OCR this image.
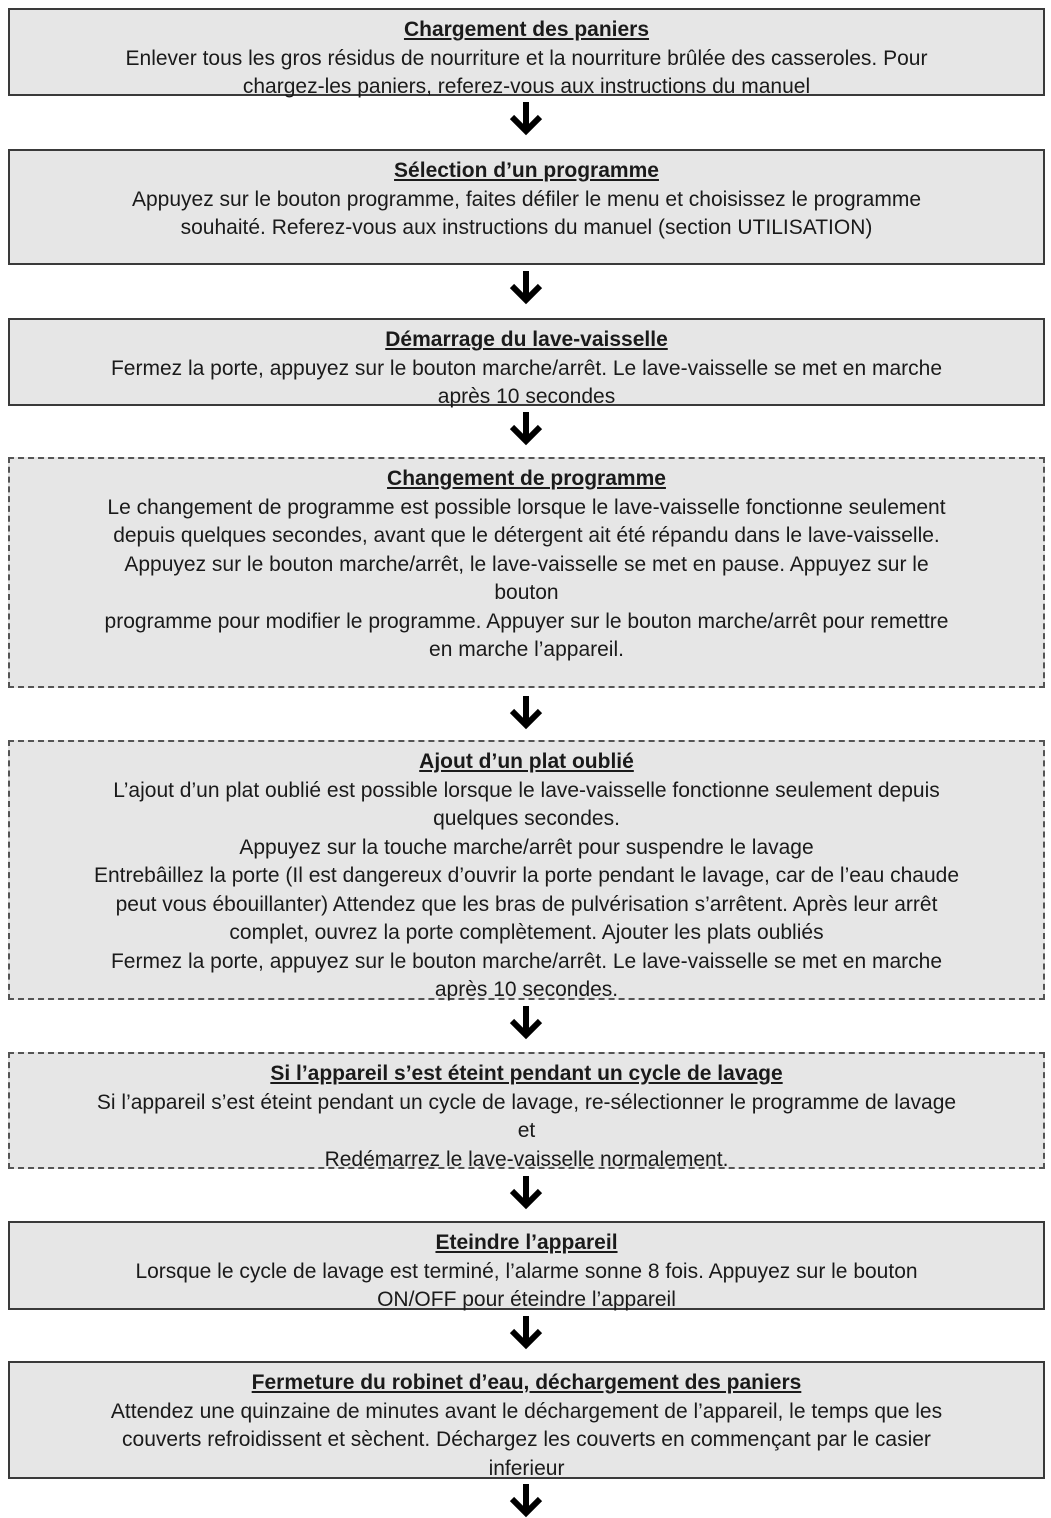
Chargement des paniers
Enlever tous les gros résidus de nourriture et la nourriture brûlée des casseroles. Pour
chargez-les paniers, referez-vous aux instructions du manuel
Sélection d’un programme
Appuyez sur le bouton programme, faites défiler le menu et choisissez le programme
souhaité. Referez-vous aux instructions du manuel (section UTILISATION)
Démarrage du lave-vaisselle
Fermez la porte, appuyez sur le bouton marche/arrêt. Le lave-vaisselle se met en marche
après 10 secondes
Changement de programme
Le changement de programme est possible lorsque le lave-vaisselle fonctionne seulement
depuis quelques secondes, avant que le détergent ait été répandu dans le lave-vaisselle.
Appuyez sur le bouton marche/arrêt, le lave-vaisselle se met en pause. Appuyez sur le
bouton
programme pour modifier le programme. Appuyer sur le bouton marche/arrêt pour remettre
en marche l’appareil.
Ajout d’un plat oublié
L’ajout d’un plat oublié est possible lorsque le lave-vaisselle fonctionne seulement depuis
quelques secondes.
Appuyez sur la touche marche/arrêt pour suspendre le lavage
Entrebâillez la porte (Il est dangereux d’ouvrir la porte pendant le lavage, car de l’eau chaude
peut vous ébouillanter) Attendez que les bras de pulvérisation s’arrêtent. Après leur arrêt
complet, ouvrez la porte complètement. Ajouter les plats oubliés
Fermez la porte, appuyez sur le bouton marche/arrêt. Le lave-vaisselle se met en marche
après 10 secondes.
Si l’appareil s’est éteint pendant un cycle de lavage
Si l’appareil s’est éteint pendant un cycle de lavage, re-sélectionner le programme de lavage
et
Redémarrez le lave-vaisselle normalement.
Eteindre l’appareil
Lorsque le cycle de lavage est terminé, l’alarme sonne 8 fois. Appuyez sur le bouton
ON/OFF pour éteindre l’appareil
Fermeture du robinet d’eau, déchargement des paniers
Attendez une quinzaine de minutes avant le déchargement de l’appareil, le temps que les
couverts refroidissent et sèchent. Déchargez les couverts en commençant par le casier
inferieur
